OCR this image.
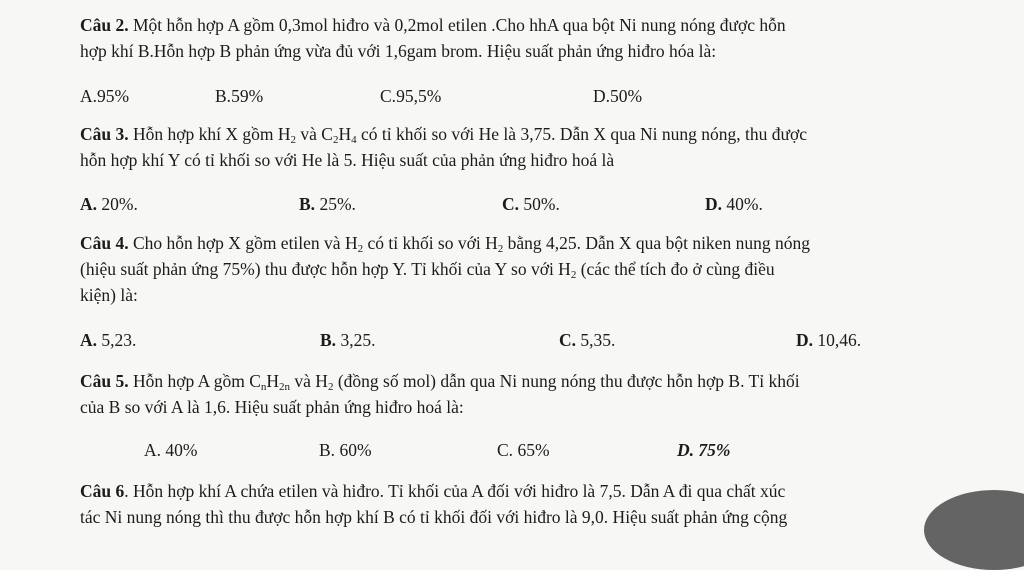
Câu 2. Một hỗn hợp A gồm 0,3mol hiđro và 0,2mol etilen .Cho hhA qua bột Ni nung nóng được hỗn
hợp khí B.Hỗn hợp B phản ứng vừa đủ với 1,6gam brom. Hiệu suất phản ứng hiđro hóa là:
A.95%	B.59%	C.95,5%	D.50%
Câu 3. Hỗn hợp khí X gồm $H_2$ và $C_2H_4$ có tỉ khối so với He là 3,75. Dẫn X qua Ni nung nóng, thu được
hỗn hợp khí Y có tỉ khối so với He là 5. Hiệu suất của phản ứng hiđro hoá là
A. 20%.	B. 25%.	C. 50%.	D. 40%.
Câu 4. Cho hỗn hợp X gồm etilen và $H_2$ có tỉ khối so với $H_2$ bằng 4,25. Dẫn X qua bột niken nung nóng
(hiệu suất phản ứng 75%) thu được hỗn hợp Y. Tỉ khối của Y so với $H_2$ (các thể tích đo ở cùng điều
kiện) là:
A. 5,23.	B. 3,25.	C. 5,35.	D. 10,46.
Câu 5. Hỗn hợp A gồm $C_nH_{2n}$ và $H_2$ (đồng số mol) dẫn qua Ni nung nóng thu được hỗn hợp B. Tỉ khối
của B so với A là 1,6. Hiệu suất phản ứng hiđro hoá là:
A. 40%	B. 60%	C. 65%	D. 75%
Câu 6. Hỗn hợp khí A chứa etilen và hiđro. Tỉ khối của A đối với hiđro là 7,5. Dẫn A đi qua chất xúc
tác Ni nung nóng thì thu được hỗn hợp khí B có tỉ khối đối với hiđro là 9,0. Hiệu suất phản ứng cộng
